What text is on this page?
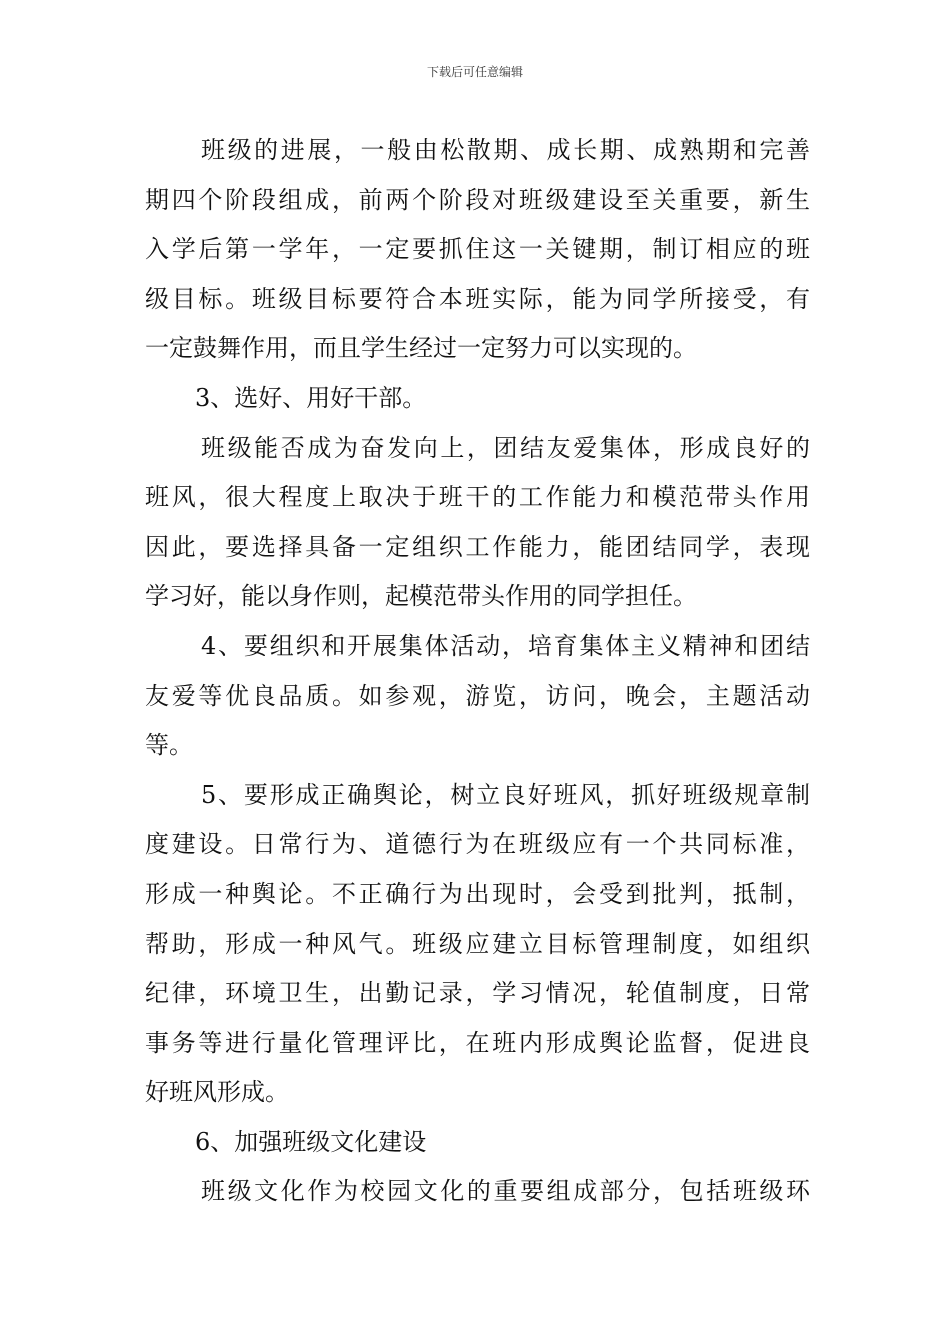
下载后可任意编辑
班级的进展，一般由松散期、成长期、成熟期和完善
期四个阶段组成，前两个阶段对班级建设至关重要，新生
入学后第一学年，一定要抓住这一关键期，制订相应的班
级目标。班级目标要符合本班实际，能为同学所接受，有
一定鼓舞作用，而且学生经过一定努力可以实现的。
3、选好、用好干部。
班级能否成为奋发向上，团结友爱集体，形成良好的
班风，很大程度上取决于班干的工作能力和模范带头作用
因此，要选择具备一定组织工作能力，能团结同学，表现
学习好，能以身作则，起模范带头作用的同学担任。
4、要组织和开展集体活动，培育集体主义精神和团结
友爱等优良品质。如参观，游览，访问，晚会，主题活动
等。
5、要形成正确舆论，树立良好班风，抓好班级规章制
度建设。日常行为、道德行为在班级应有一个共同标准，
形成一种舆论。不正确行为出现时，会受到批判，抵制，
帮助，形成一种风气。班级应建立目标管理制度，如组织
纪律，环境卫生，出勤记录，学习情况，轮值制度，日常
事务等进行量化管理评比，在班内形成舆论监督，促进良
好班风形成。
6、加强班级文化建设
班级文化作为校园文化的重要组成部分，包括班级环
